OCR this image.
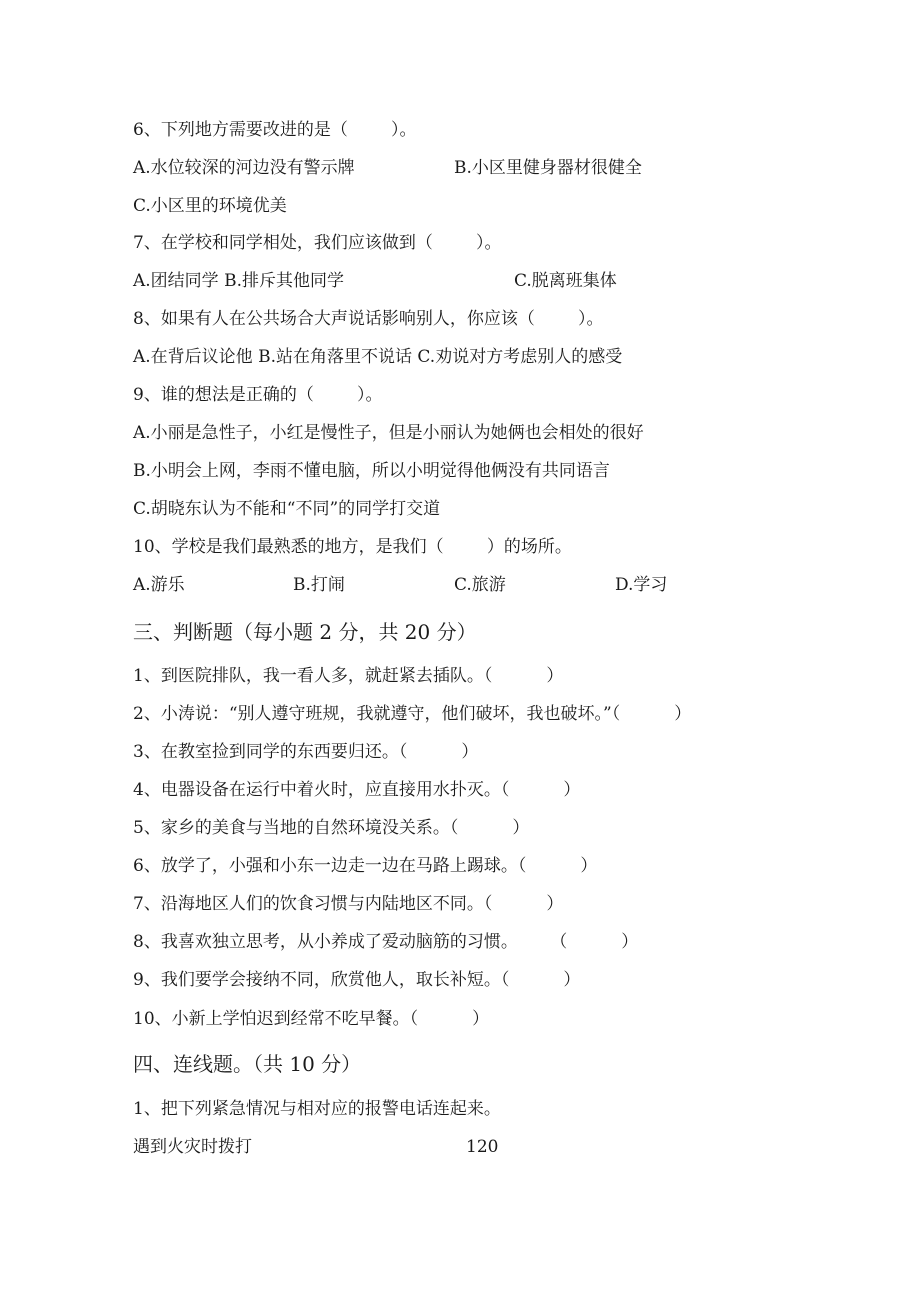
6、下列地方需要改进的是（        ）。
A.水位较深的河边没有警示牌	B.小区里健身器材很健全
C.小区里的环境优美
7、在学校和同学相处，我们应该做到（        ）。
A.团结同学 B.排斥其他同学	C.脱离班集体
8、如果有人在公共场合大声说话影响别人，你应该（        ）。
A.在背后议论他 B.站在角落里不说话 C.劝说对方考虑别人的感受
9、谁的想法是正确的（        ）。
A.小丽是急性子，小红是慢性子，但是小丽认为她俩也会相处的很好
B.小明会上网，李雨不懂电脑，所以小明觉得他俩没有共同语言
C.胡晓东认为不能和“不同”的同学打交道
10、学校是我们最熟悉的地方，是我们（        ）的场所。
A.游乐	B.打闹	C.旅游	D.学习
三、判断题（每小题 2 分，共 20 分）
1、到医院排队，我一看人多，就赶紧去插队。（          ）
2、小涛说：“别人遵守班规，我就遵守，他们破坏，我也破坏。”（          ）
3、在教室捡到同学的东西要归还。（          ）
4、电器设备在运行中着火时，应直接用水扑灭。（          ）
5、家乡的美食与当地的自然环境没关系。（          ）
6、放学了，小强和小东一边走一边在马路上踢球。（          ）
7、沿海地区人们的饮食习惯与内陆地区不同。（          ）
8、我喜欢独立思考，从小养成了爱动脑筋的习惯。      （          ）
9、我们要学会接纳不同，欣赏他人，取长补短。（          ）
10、小新上学怕迟到经常不吃早餐。（          ）
四、连线题。（共 10 分）
1、把下列紧急情况与相对应的报警电话连起来。
遇到火灾时拨打	120
